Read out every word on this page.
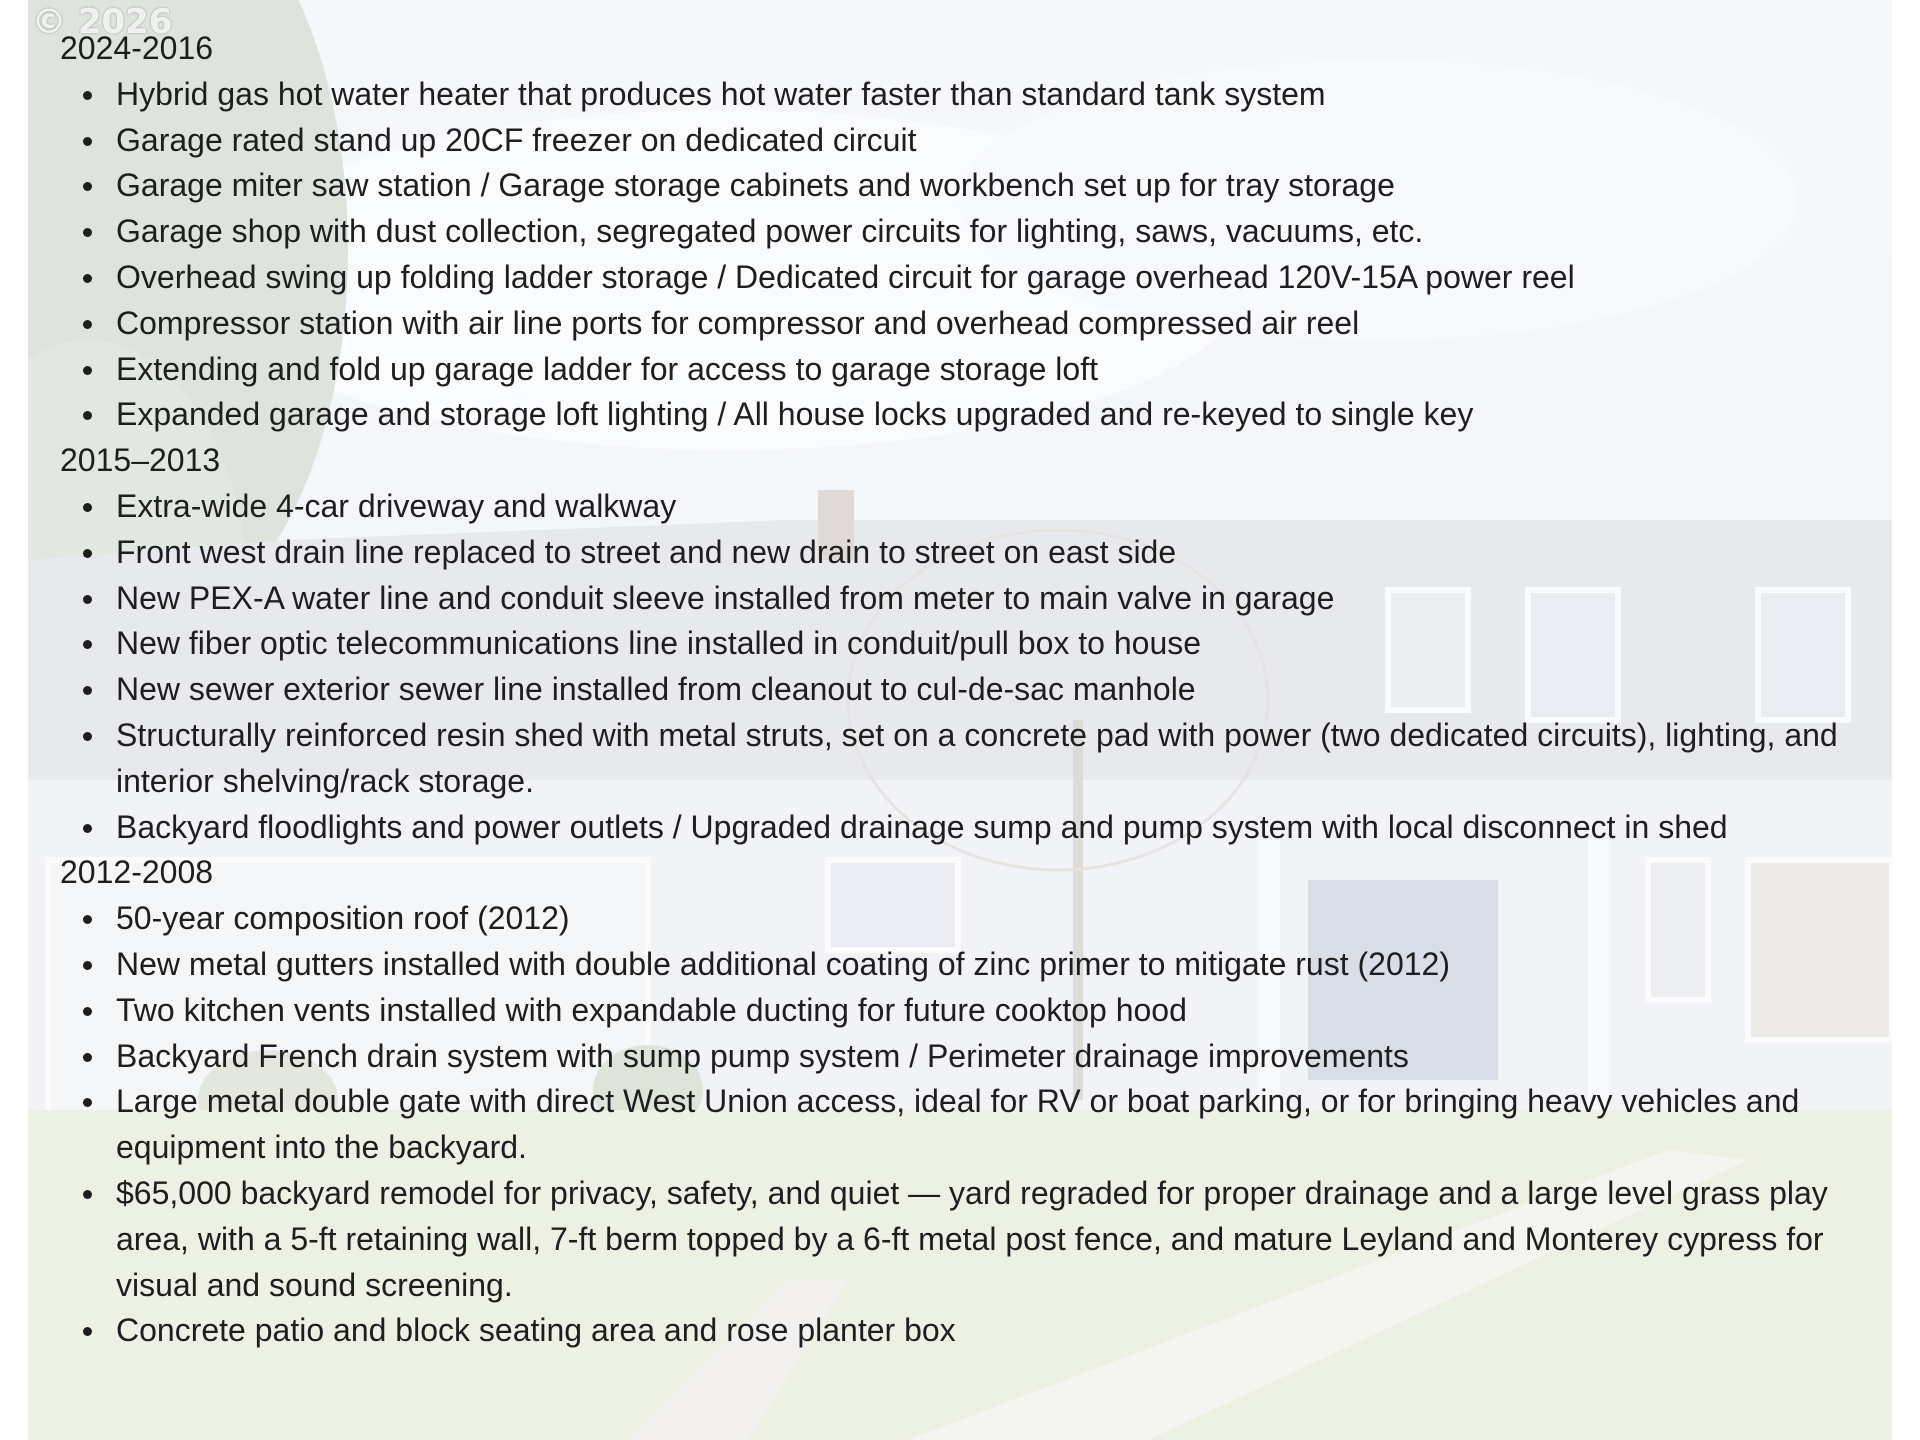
© 2026

2024-2016

Hybrid gas hot water heater that produces hot water faster than standard tank system
Garage rated stand up 20CF freezer on dedicated circuit
Garage miter saw station / Garage storage cabinets and workbench set up for tray storage
Garage shop with dust collection, segregated power circuits for lighting, saws, vacuums, etc.
Overhead swing up folding ladder storage / Dedicated circuit for garage overhead 120V-15A power reel
Compressor station with air line ports for compressor and overhead compressed air reel
Extending and fold up garage ladder for access to garage storage loft
Expanded garage and storage loft lighting / All house locks upgraded and re-keyed to single key

2015–2013

Extra-wide 4-car driveway and walkway
Front west drain line replaced to street and new drain to street on east side
New PEX-A water line and conduit sleeve installed from meter to main valve in garage
New fiber optic telecommunications line installed in conduit/pull box to house
New sewer exterior sewer line installed from cleanout to cul-de-sac manhole
Structurally reinforced resin shed with metal struts, set on a concrete pad with power (two dedicated circuits), lighting, and interior shelving/rack storage.
Backyard floodlights and power outlets / Upgraded drainage sump and pump system with local disconnect in shed

2012-2008

50-year composition roof (2012)
New metal gutters installed with double additional coating of zinc primer to mitigate rust (2012)
Two kitchen vents installed with expandable ducting for future cooktop hood
Backyard French drain system with sump pump system / Perimeter drainage improvements
Large metal double gate with direct West Union access, ideal for RV or boat parking, or for bringing heavy vehicles and equipment into the backyard.
$65,000 backyard remodel for privacy, safety, and quiet — yard regraded for proper drainage and a large level grass play area, with a 5-ft retaining wall, 7-ft berm topped by a 6-ft metal post fence, and mature Leyland and Monterey cypress for visual and sound screening.
Concrete patio and block seating area and rose planter box
